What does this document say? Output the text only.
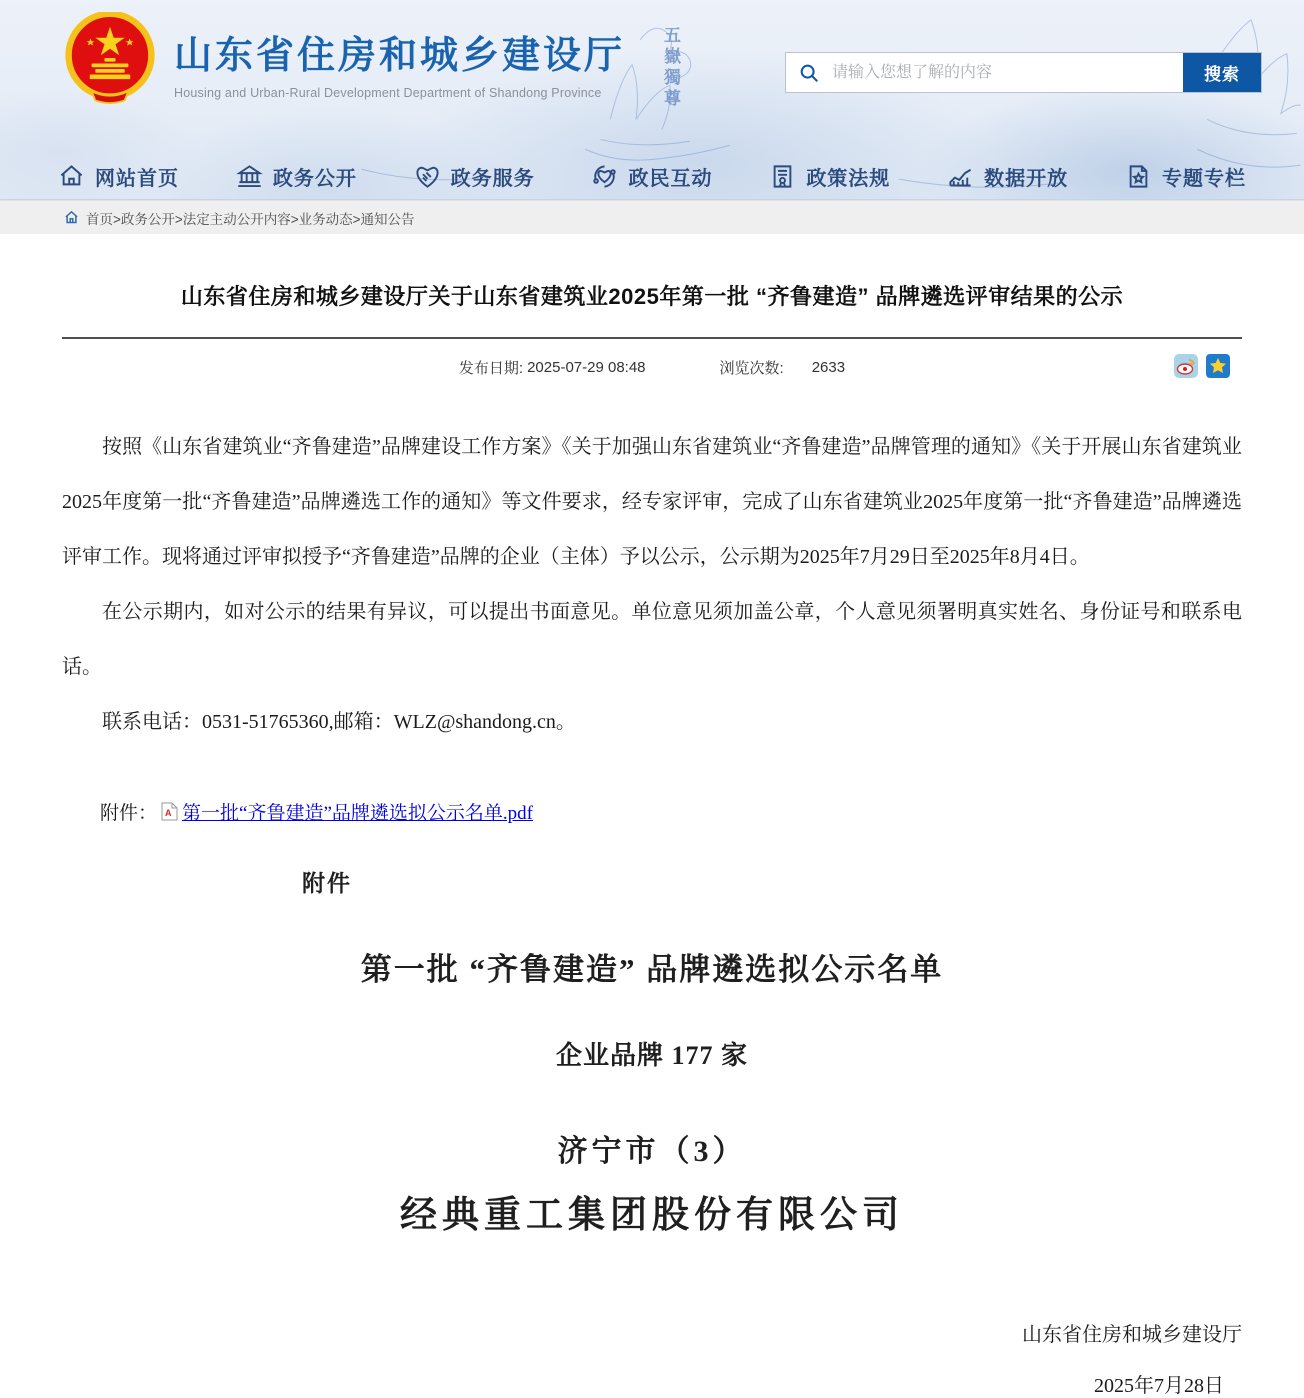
五嶽獨尊
山东省住房和城乡建设厅
Housing and Urban-Rural Development Department of Shandong Province
请输入您想了解的内容
搜索
网站首页	政务公开	政务服务	政民互动	政策法规	数据开放	专题专栏
首页>政务公开>法定主动公开内容>业务动态>通知公告
山东省住房和城乡建设厅关于山东省建筑业2025年第一批 “齐鲁建造” 品牌遴选评审结果的公示
发布日期: 2025-07-29 08:48	浏览次数: 2633

按照《山东省建筑业“齐鲁建造”品牌建设工作方案》《关于加强山东省建筑业“齐鲁建造”品牌管理的通知》《关于开展山东省建筑业2025年度第一批“齐鲁建造”品牌遴选工作的通知》等文件要求，经专家评审，完成了山东省建筑业2025年度第一批“齐鲁建造”品牌遴选评审工作。现将通过评审拟授予“齐鲁建造”品牌的企业（主体）予以公示，公示期为2025年7月29日至2025年8月4日。

在公示期内，如对公示的结果有异议，可以提出书面意见。单位意见须加盖公章，个人意见须署明真实姓名、身份证号和联系电话。

联系电话：0531-51765360,邮箱：WLZ@shandong.cn。

附件： A 第一批“齐鲁建造”品牌遴选拟公示名单.pdf
附件
第一批 “齐鲁建造” 品牌遴选拟公示名单
企业品牌 177 家
济宁市（3）
经典重工集团股份有限公司
山东省住房和城乡建设厅
2025年7月28日
